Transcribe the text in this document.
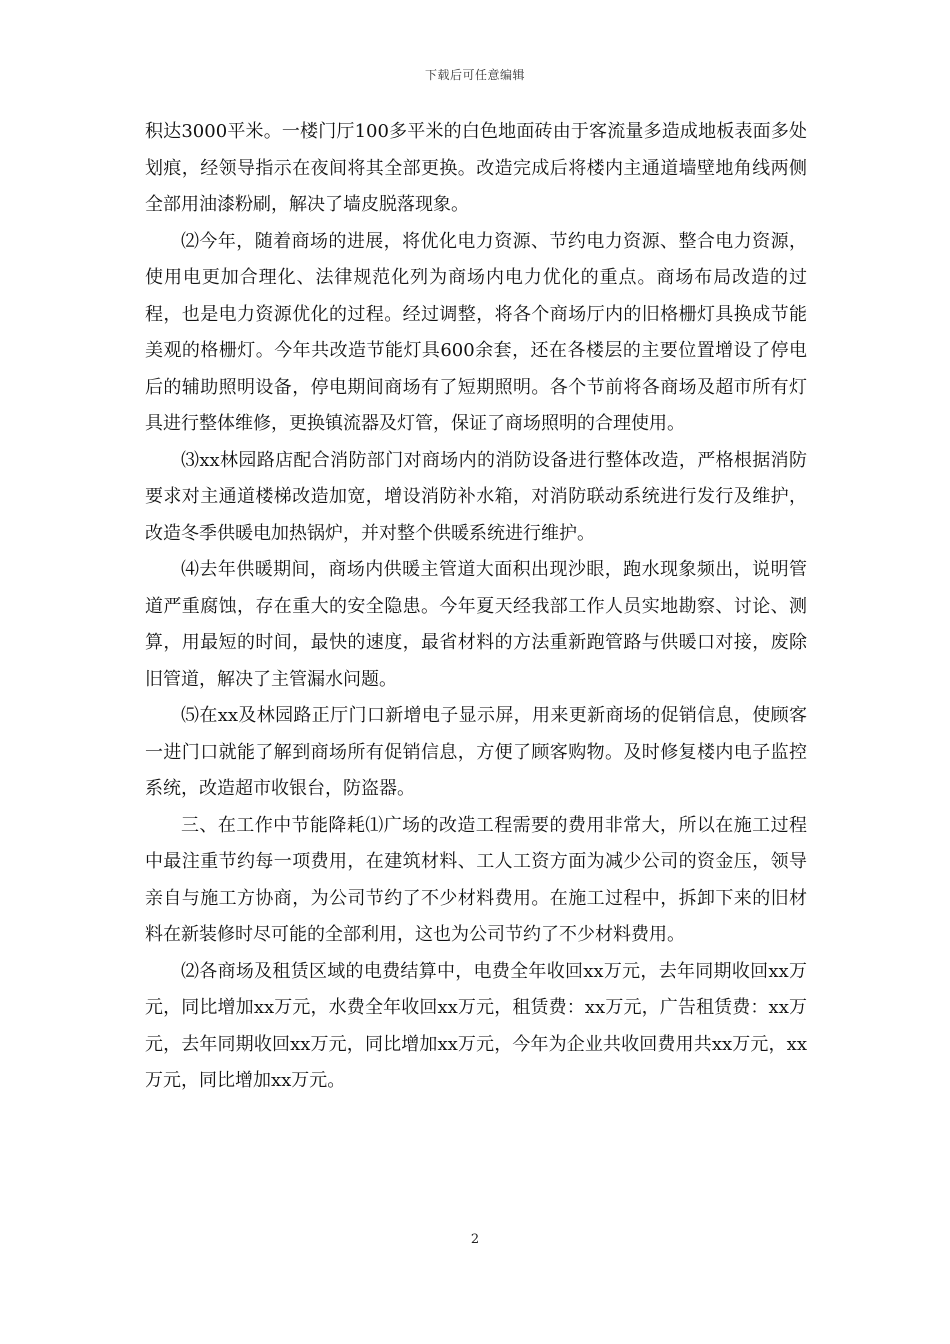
下载后可任意编辑

积达3000平米。一楼门厅100多平米的白色地面砖由于客流量多造成地板表面多处划痕，经领导指示在夜间将其全部更换。改造完成后将楼内主通道墙壁地角线两侧全部用油漆粉刷，解决了墙皮脱落现象。

⑵今年，随着商场的进展，将优化电力资源、节约电力资源、整合电力资源，使用电更加合理化、法律规范化列为商场内电力优化的重点。商场布局改造的过程，也是电力资源优化的过程。经过调整，将各个商场厅内的旧格栅灯具换成节能美观的格栅灯。今年共改造节能灯具600余套，还在各楼层的主要位置增设了停电后的辅助照明设备，停电期间商场有了短期照明。各个节前将各商场及超市所有灯具进行整体维修，更换镇流器及灯管，保证了商场照明的合理使用。

⑶xx林园路店配合消防部门对商场内的消防设备进行整体改造，严格根据消防要求对主通道楼梯改造加宽，增设消防补水箱，对消防联动系统进行发行及维护，改造冬季供暖电加热锅炉，并对整个供暖系统进行维护。

⑷去年供暖期间，商场内供暖主管道大面积出现沙眼，跑水现象频出，说明管道严重腐蚀，存在重大的安全隐患。今年夏天经我部工作人员实地勘察、讨论、测算，用最短的时间，最快的速度，最省材料的方法重新跑管路与供暖口对接，废除旧管道，解决了主管漏水问题。

⑸在xx及林园路正厅门口新增电子显示屏，用来更新商场的促销信息，使顾客一进门口就能了解到商场所有促销信息，方便了顾客购物。及时修复楼内电子监控系统，改造超市收银台，防盗器。

三、在工作中节能降耗⑴广场的改造工程需要的费用非常大，所以在施工过程中最注重节约每一项费用，在建筑材料、工人工资方面为减少公司的资金压，领导亲自与施工方协商，为公司节约了不少材料费用。在施工过程中，拆卸下来的旧材料在新装修时尽可能的全部利用，这也为公司节约了不少材料费用。

⑵各商场及租赁区域的电费结算中，电费全年收回xx万元，去年同期收回xx万元，同比增加xx万元，水费全年收回xx万元，租赁费：xx万元，广告租赁费：xx万元，去年同期收回xx万元，同比增加xx万元，今年为企业共收回费用共xx万元，xx万元，同比增加xx万元。

2
